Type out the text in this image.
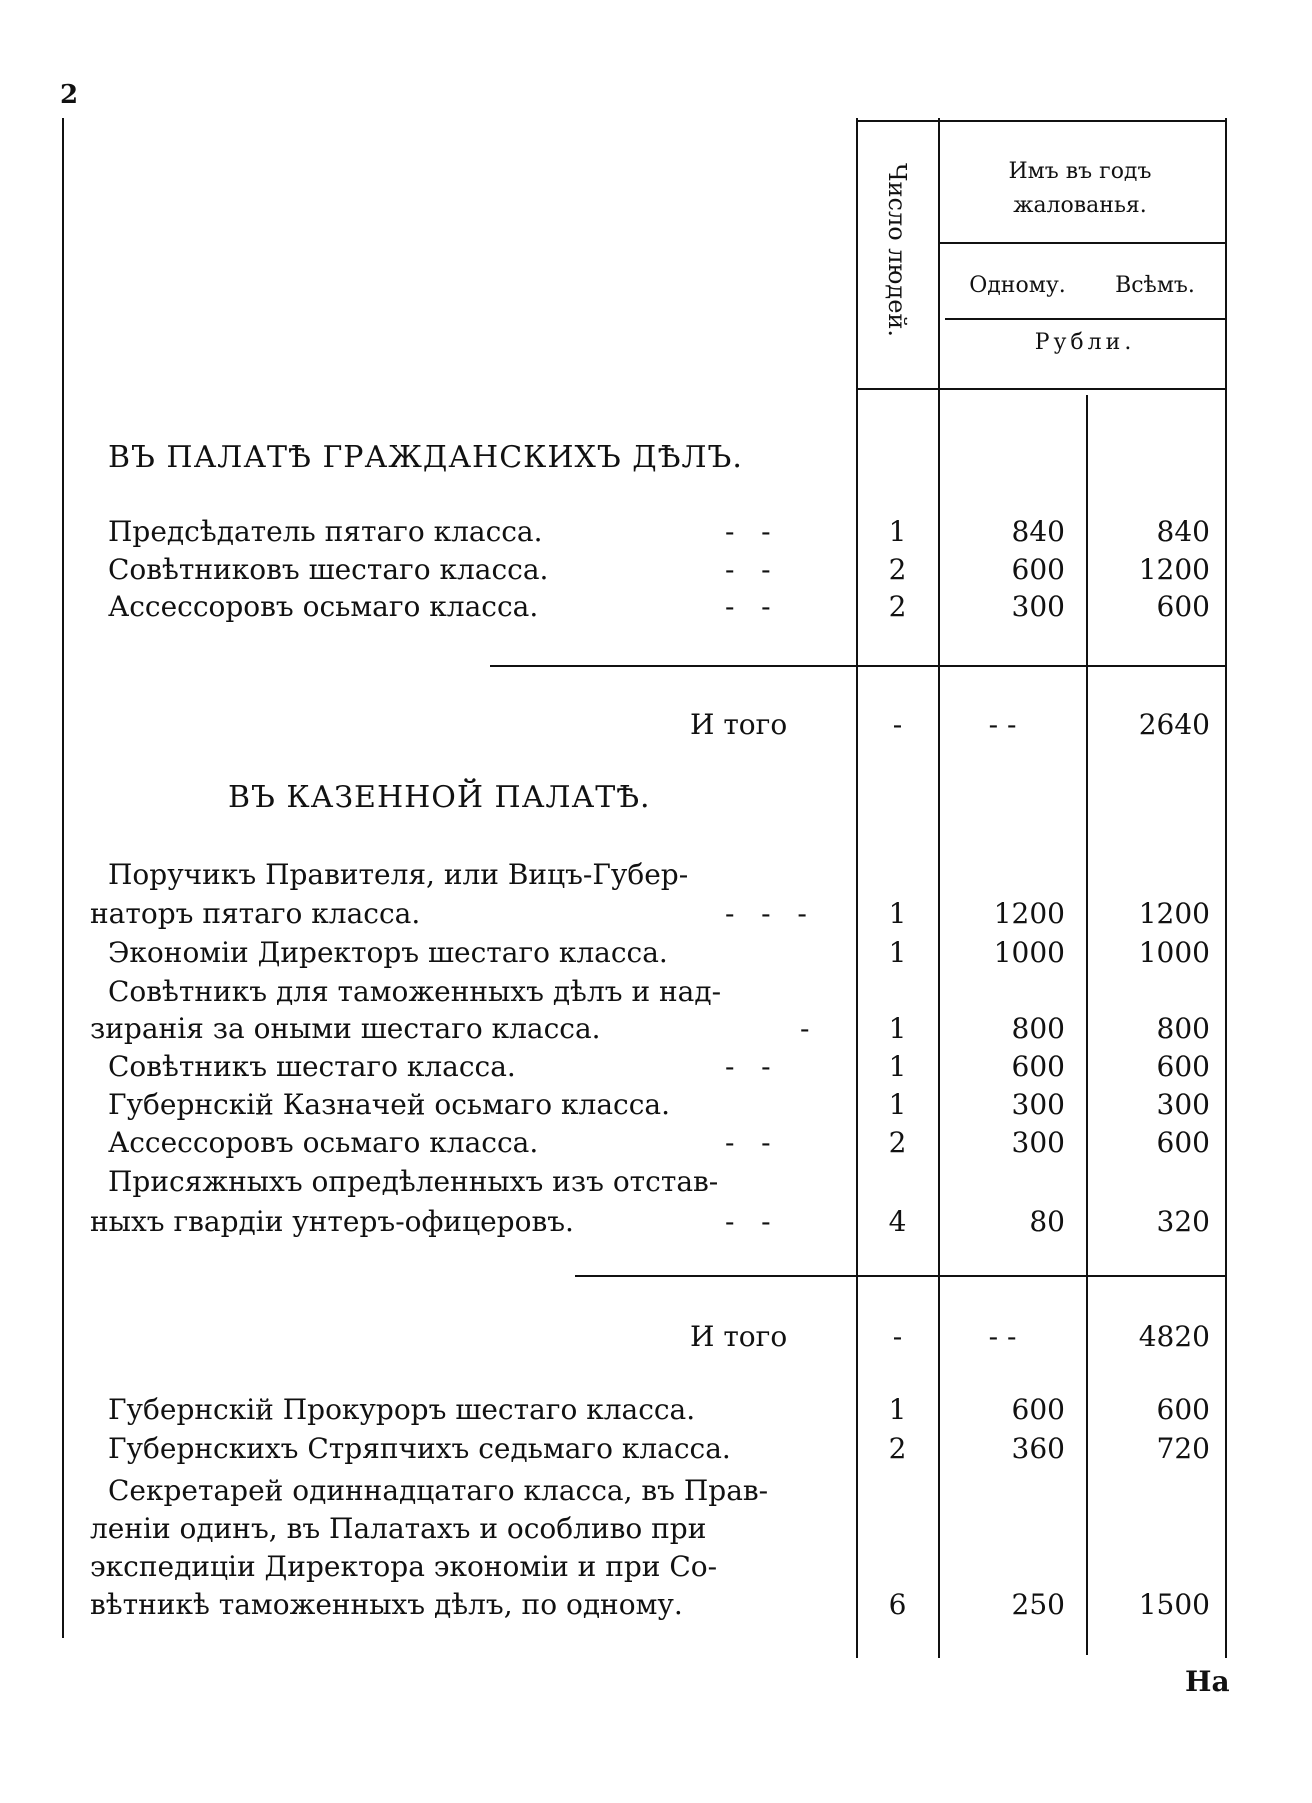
2
Число людей.	Имъ въ годъ жалованья.
Одному.	Всѣмъ.
Рубли.
ВЪ ПАЛАТѢ ГРАЖДАНСКИХЪ ДѢЛЪ.
Предсѣдатель пятаго класса.	-   -	1	840	840
Совѣтниковъ шестаго класса.	-   -	2	600	1200
Ассессоровъ осьмаго класса.	-   -	2	300	600
И того	-	- -	2640
ВЪ КАЗЕННОЙ ПАЛАТѢ.
Поручикъ Правителя, или Вицъ-Губер-
наторъ пятаго класса.	-   -   -	1	1200	1200
Экономіи Директоръ шестаго класса.	1	1000	1000
Совѣтникъ для таможенныхъ дѣлъ и над-
зиранія за оными шестаго класса.	-	1	800	800
Совѣтникъ шестаго класса.	-   -	1	600	600
Губернскій Казначей осьмаго класса.	1	300	300
Ассессоровъ осьмаго класса.	-   -	2	300	600
Присяжныхъ опредѣленныхъ изъ отстав-
ныхъ гвардіи унтеръ-офицеровъ.	-   -	4	80	320
И того	-	- -	4820
Губернскій Прокуроръ шестаго класса.	1	600	600
Губернскихъ Стряпчихъ седьмаго класса.	2	360	720
Секретарей одиннадцатаго класса, въ Прав-
леніи одинъ, въ Палатахъ и особливо при
экспедиціи Директора экономіи и при Со-
вѣтникѣ таможенныхъ дѣлъ, по одному.	6	250	1500
На
